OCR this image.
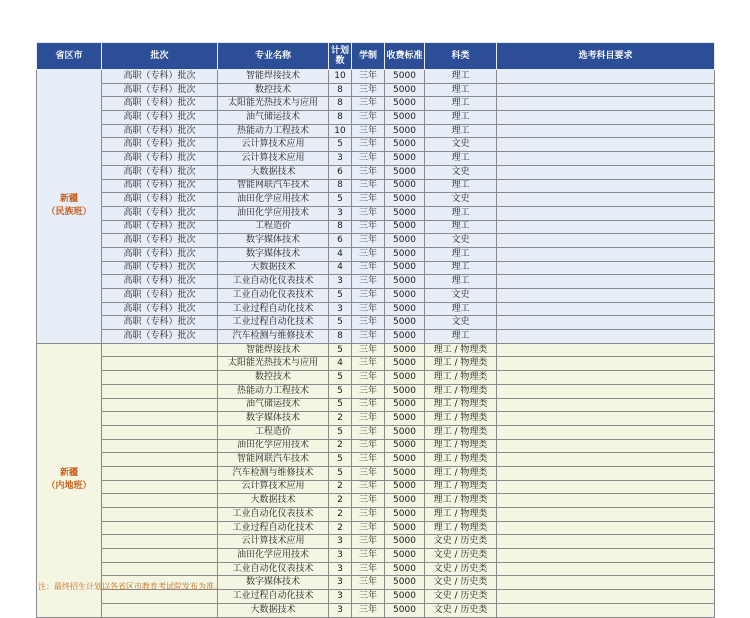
省区市	批次	专业名称	计划数	学制	收费标准	科类	选考科目要求

新疆
（民族班）	高职（专科）批次	智能焊接技术	10	三年	5000	理工	
	高职（专科）批次	数控技术	8	三年	5000	理工	
	高职（专科）批次	太阳能光热技术与应用	8	三年	5000	理工	
	高职（专科）批次	油气储运技术	8	三年	5000	理工	
	高职（专科）批次	热能动力工程技术	10	三年	5000	理工	
	高职（专科）批次	云计算技术应用	5	三年	5000	文史	
	高职（专科）批次	云计算技术应用	3	三年	5000	理工	
	高职（专科）批次	大数据技术	6	三年	5000	文史	
	高职（专科）批次	智能网联汽车技术	8	三年	5000	理工	
	高职（专科）批次	油田化学应用技术	5	三年	5000	文史	
	高职（专科）批次	油田化学应用技术	3	三年	5000	理工	
	高职（专科）批次	工程造价	8	三年	5000	理工	
	高职（专科）批次	数字媒体技术	6	三年	5000	文史	
	高职（专科）批次	数字媒体技术	4	三年	5000	理工	
	高职（专科）批次	大数据技术	4	三年	5000	理工	
	高职（专科）批次	工业自动化仪表技术	3	三年	5000	理工	
	高职（专科）批次	工业自动化仪表技术	5	三年	5000	文史	
	高职（专科）批次	工业过程自动化技术	3	三年	5000	理工	
	高职（专科）批次	工业过程自动化技术	5	三年	5000	文史	
	高职（专科）批次	汽车检测与维修技术	8	三年	5000	理工	

新疆
（内地班）		智能焊接技术	5	三年	5000	理工 / 物理类	
		太阳能光热技术与应用	4	三年	5000	理工 / 物理类	
		数控技术	5	三年	5000	理工 / 物理类	
		热能动力工程技术	5	三年	5000	理工 / 物理类	
		油气储运技术	5	三年	5000	理工 / 物理类	
		数字媒体技术	2	三年	5000	理工 / 物理类	
		工程造价	5	三年	5000	理工 / 物理类	
		油田化学应用技术	2	三年	5000	理工 / 物理类	
		智能网联汽车技术	5	三年	5000	理工 / 物理类	
		汽车检测与维修技术	5	三年	5000	理工 / 物理类	
		云计算技术应用	2	三年	5000	理工 / 物理类	
		大数据技术	2	三年	5000	理工 / 物理类	
		工业自动化仪表技术	2	三年	5000	理工 / 物理类	
		工业过程自动化技术	2	三年	5000	理工 / 物理类	
		云计算技术应用	3	三年	5000	文史 / 历史类	
		油田化学应用技术	3	三年	5000	文史 / 历史类	
		工业自动化仪表技术	3	三年	5000	文史 / 历史类	
		数字媒体技术	3	三年	5000	文史 / 历史类	
		工业过程自动化技术	3	三年	5000	文史 / 历史类	
		大数据技术	3	三年	5000	文史 / 历史类	
注：最终招生计划以各省区市教育考试院发布为准。
